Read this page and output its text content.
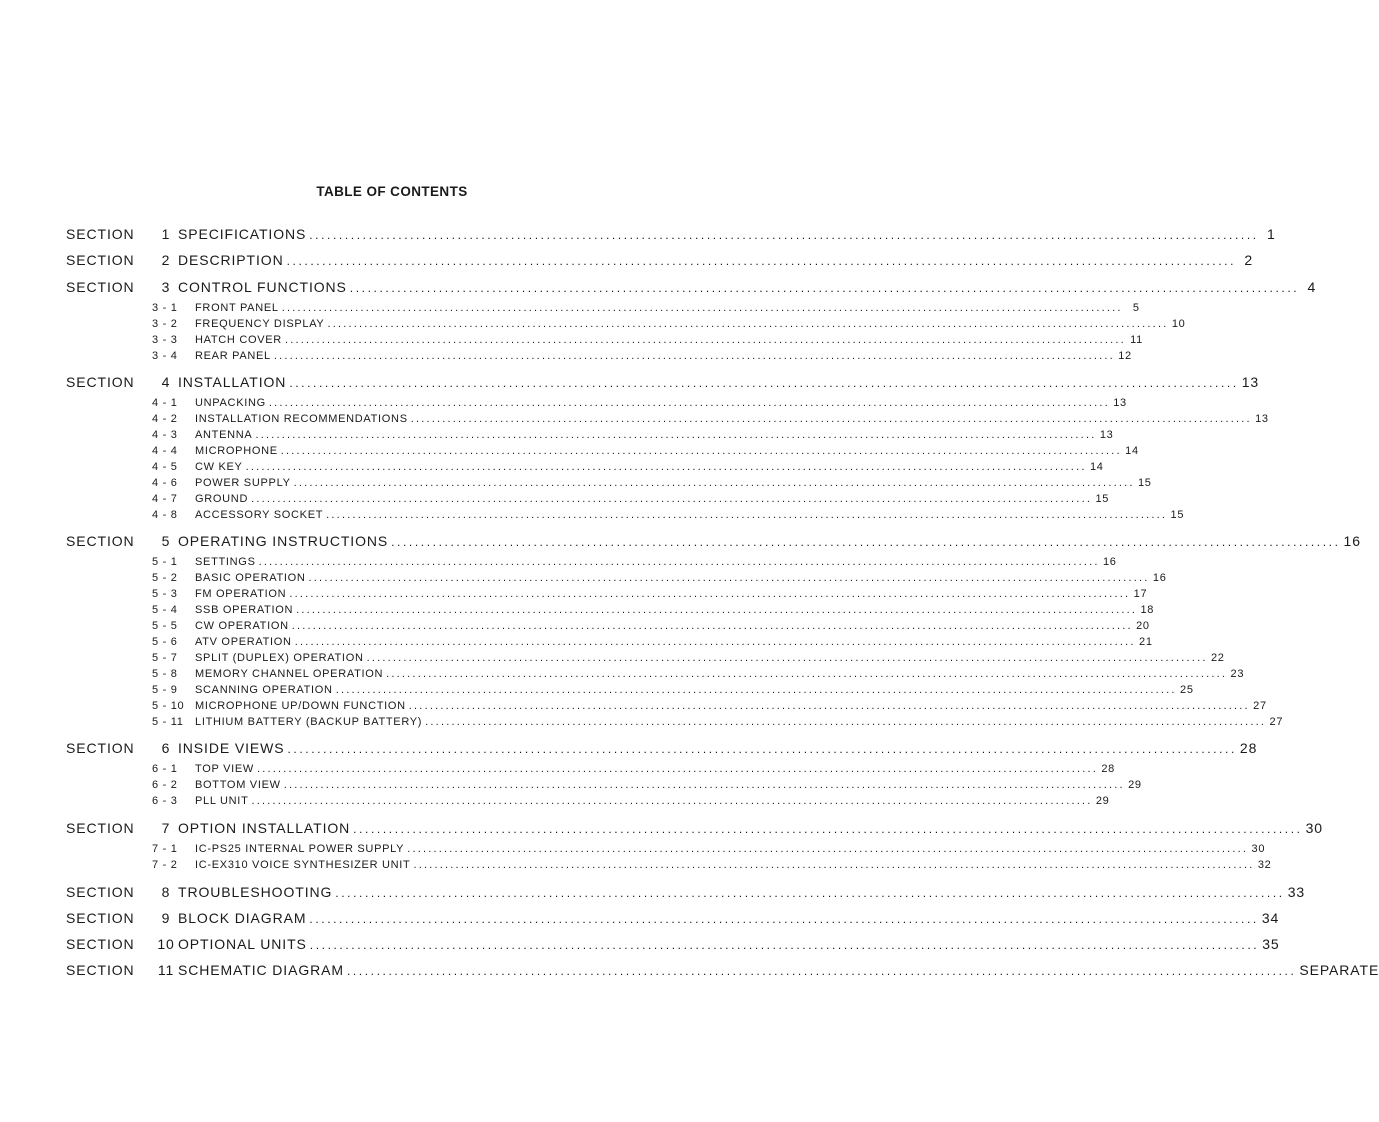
TABLE OF CONTENTS
SECTION	1 SPECIFICATIONS ................................................................................................................................................................ 1
SECTION	2 DESCRIPTION ................................................................................................................................................................ 2
SECTION	3 CONTROL FUNCTIONS ................................................................................................................................................................ 4
3 - 1	FRONT PANEL ................................................................................................................................................................ 5
3 - 2	FREQUENCY DISPLAY ................................................................................................................................................................ 10
3 - 3	HATCH COVER ................................................................................................................................................................ 11
3 - 4	REAR PANEL ................................................................................................................................................................ 12
SECTION	4 INSTALLATION ................................................................................................................................................................ 13
4 - 1	UNPACKING ................................................................................................................................................................ 13
4 - 2	INSTALLATION RECOMMENDATIONS ................................................................................................................................................................ 13
4 - 3	ANTENNA ................................................................................................................................................................ 13
4 - 4	MICROPHONE ................................................................................................................................................................ 14
4 - 5	CW KEY ................................................................................................................................................................ 14
4 - 6	POWER SUPPLY ................................................................................................................................................................ 15
4 - 7	GROUND ................................................................................................................................................................ 15
4 - 8	ACCESSORY SOCKET ................................................................................................................................................................ 15
SECTION	5 OPERATING INSTRUCTIONS ................................................................................................................................................................ 16
5 - 1	SETTINGS ................................................................................................................................................................ 16
5 - 2	BASIC OPERATION ................................................................................................................................................................ 16
5 - 3	FM OPERATION ................................................................................................................................................................ 17
5 - 4	SSB OPERATION ................................................................................................................................................................ 18
5 - 5	CW OPERATION ................................................................................................................................................................ 20
5 - 6	ATV OPERATION ................................................................................................................................................................ 21
5 - 7	SPLIT (DUPLEX) OPERATION ................................................................................................................................................................ 22
5 - 8	MEMORY CHANNEL OPERATION ................................................................................................................................................................ 23
5 - 9	SCANNING OPERATION ................................................................................................................................................................ 25
5 - 10 MICROPHONE UP/DOWN FUNCTION ................................................................................................................................................................ 27
5 - 11	LITHIUM BATTERY (BACKUP BATTERY) ................................................................................................................................................................ 27
SECTION	6 INSIDE VIEWS ................................................................................................................................................................ 28
6 - 1	TOP VIEW ................................................................................................................................................................ 28
6 - 2	BOTTOM VIEW ................................................................................................................................................................ 29
6 - 3	PLL UNIT ................................................................................................................................................................ 29
SECTION	7 OPTION INSTALLATION ................................................................................................................................................................ 30
7 - 1	IC-PS25 INTERNAL POWER SUPPLY ................................................................................................................................................................ 30
7 - 2	IC-EX310 VOICE SYNTHESIZER UNIT ................................................................................................................................................................ 32
SECTION	8 TROUBLESHOOTING ................................................................................................................................................................ 33
SECTION	9 BLOCK DIAGRAM ................................................................................................................................................................ 34
SECTION	10 OPTIONAL UNITS ................................................................................................................................................................ 35
SECTION	11 SCHEMATIC DIAGRAM ................................................................................................................................................................ SEPARATE
